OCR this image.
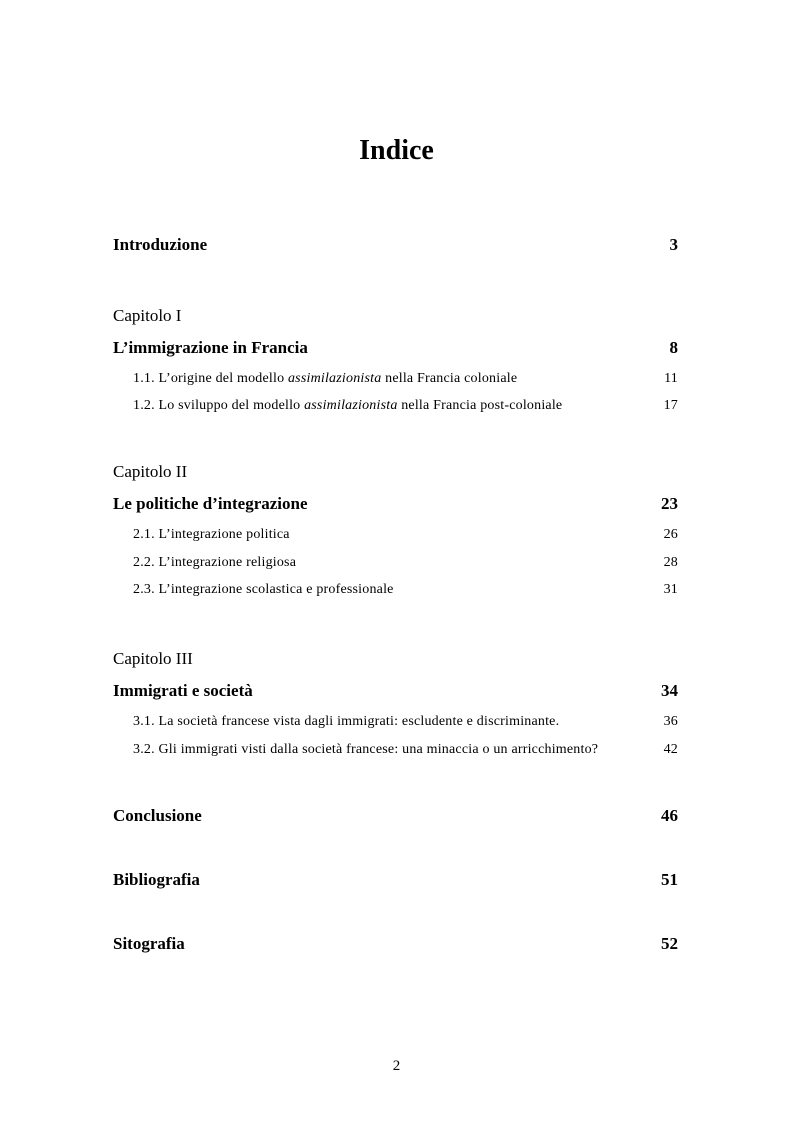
Indice
Introduzione	3
Capitolo I
L’immigrazione in Francia	8
1.1. L’origine del modello assimilazionista nella Francia coloniale	11
1.2. Lo sviluppo del modello assimilazionista nella Francia post-coloniale	17
Capitolo II
Le politiche d’integrazione	23
2.1. L’integrazione politica	26
2.2. L’integrazione religiosa	28
2.3. L’integrazione scolastica e professionale	31
Capitolo III
Immigrati e società	34
3.1. La società francese vista dagli immigrati: escludente e discriminante.	36
3.2. Gli immigrati visti dalla società francese: una minaccia o un arricchimento?	42
Conclusione	46
Bibliografia	51
Sitografia	52
2
